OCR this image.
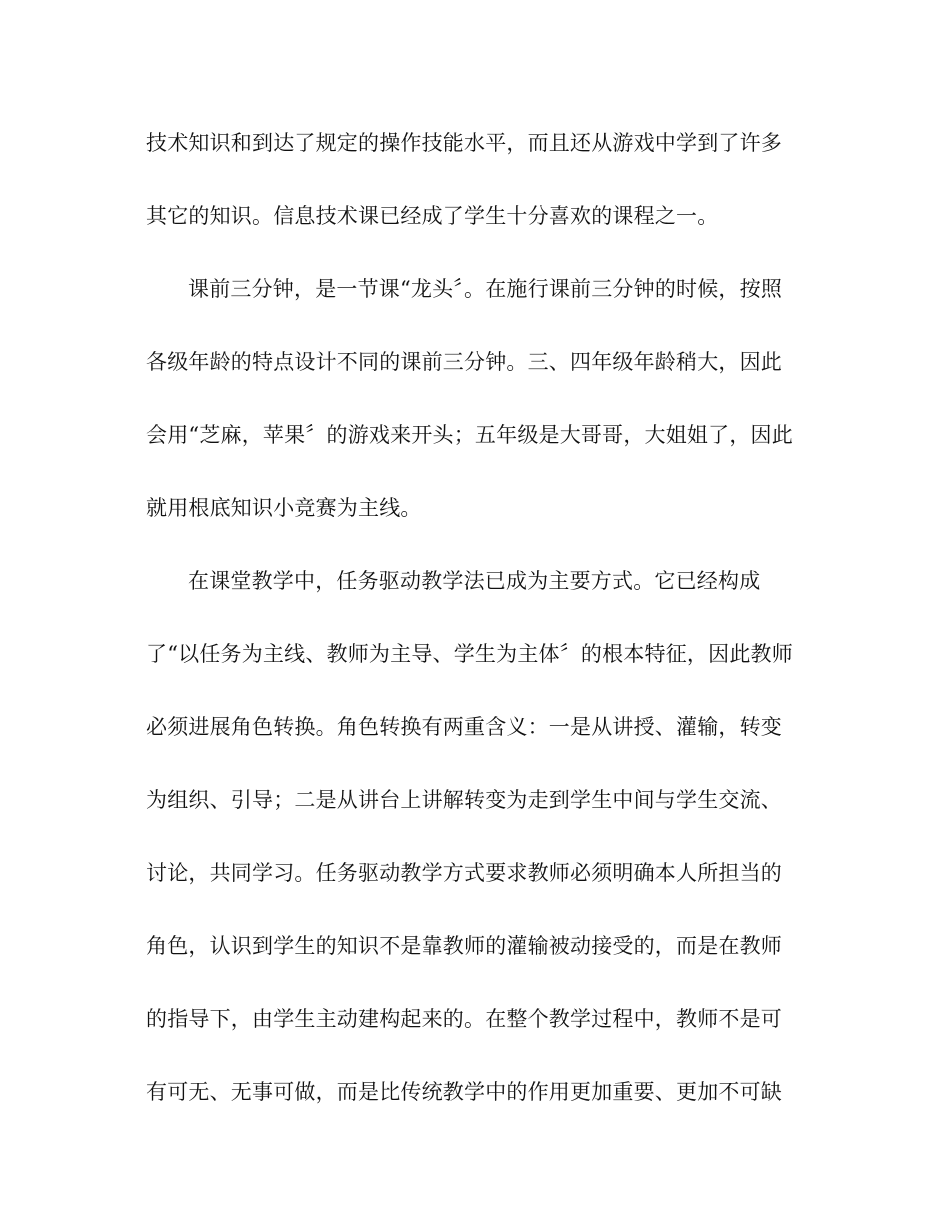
技术知识和到达了规定的操作技能水平，而且还从游戏中学到了许多
其它的知识。信息技术课已经成了学生十分喜欢的课程之一。
课前三分钟，是一节课“龙头〞。在施行课前三分钟的时候，按照
各级年龄的特点设计不同的课前三分钟。三、四年级年龄稍大，因此
会用“芝麻，苹果〞的游戏来开头；五年级是大哥哥，大姐姐了，因此
就用根底知识小竞赛为主线。
在课堂教学中，任务驱动教学法已成为主要方式。它已经构成
了“以任务为主线、教师为主导、学生为主体〞的根本特征，因此教师
必须进展角色转换。角色转换有两重含义：一是从讲授、灌输，转变
为组织、引导；二是从讲台上讲解转变为走到学生中间与学生交流、
讨论，共同学习。任务驱动教学方式要求教师必须明确本人所担当的
角色，认识到学生的知识不是靠教师的灌输被动接受的，而是在教师
的指导下，由学生主动建构起来的。在整个教学过程中，教师不是可
有可无、无事可做，而是比传统教学中的作用更加重要、更加不可缺
